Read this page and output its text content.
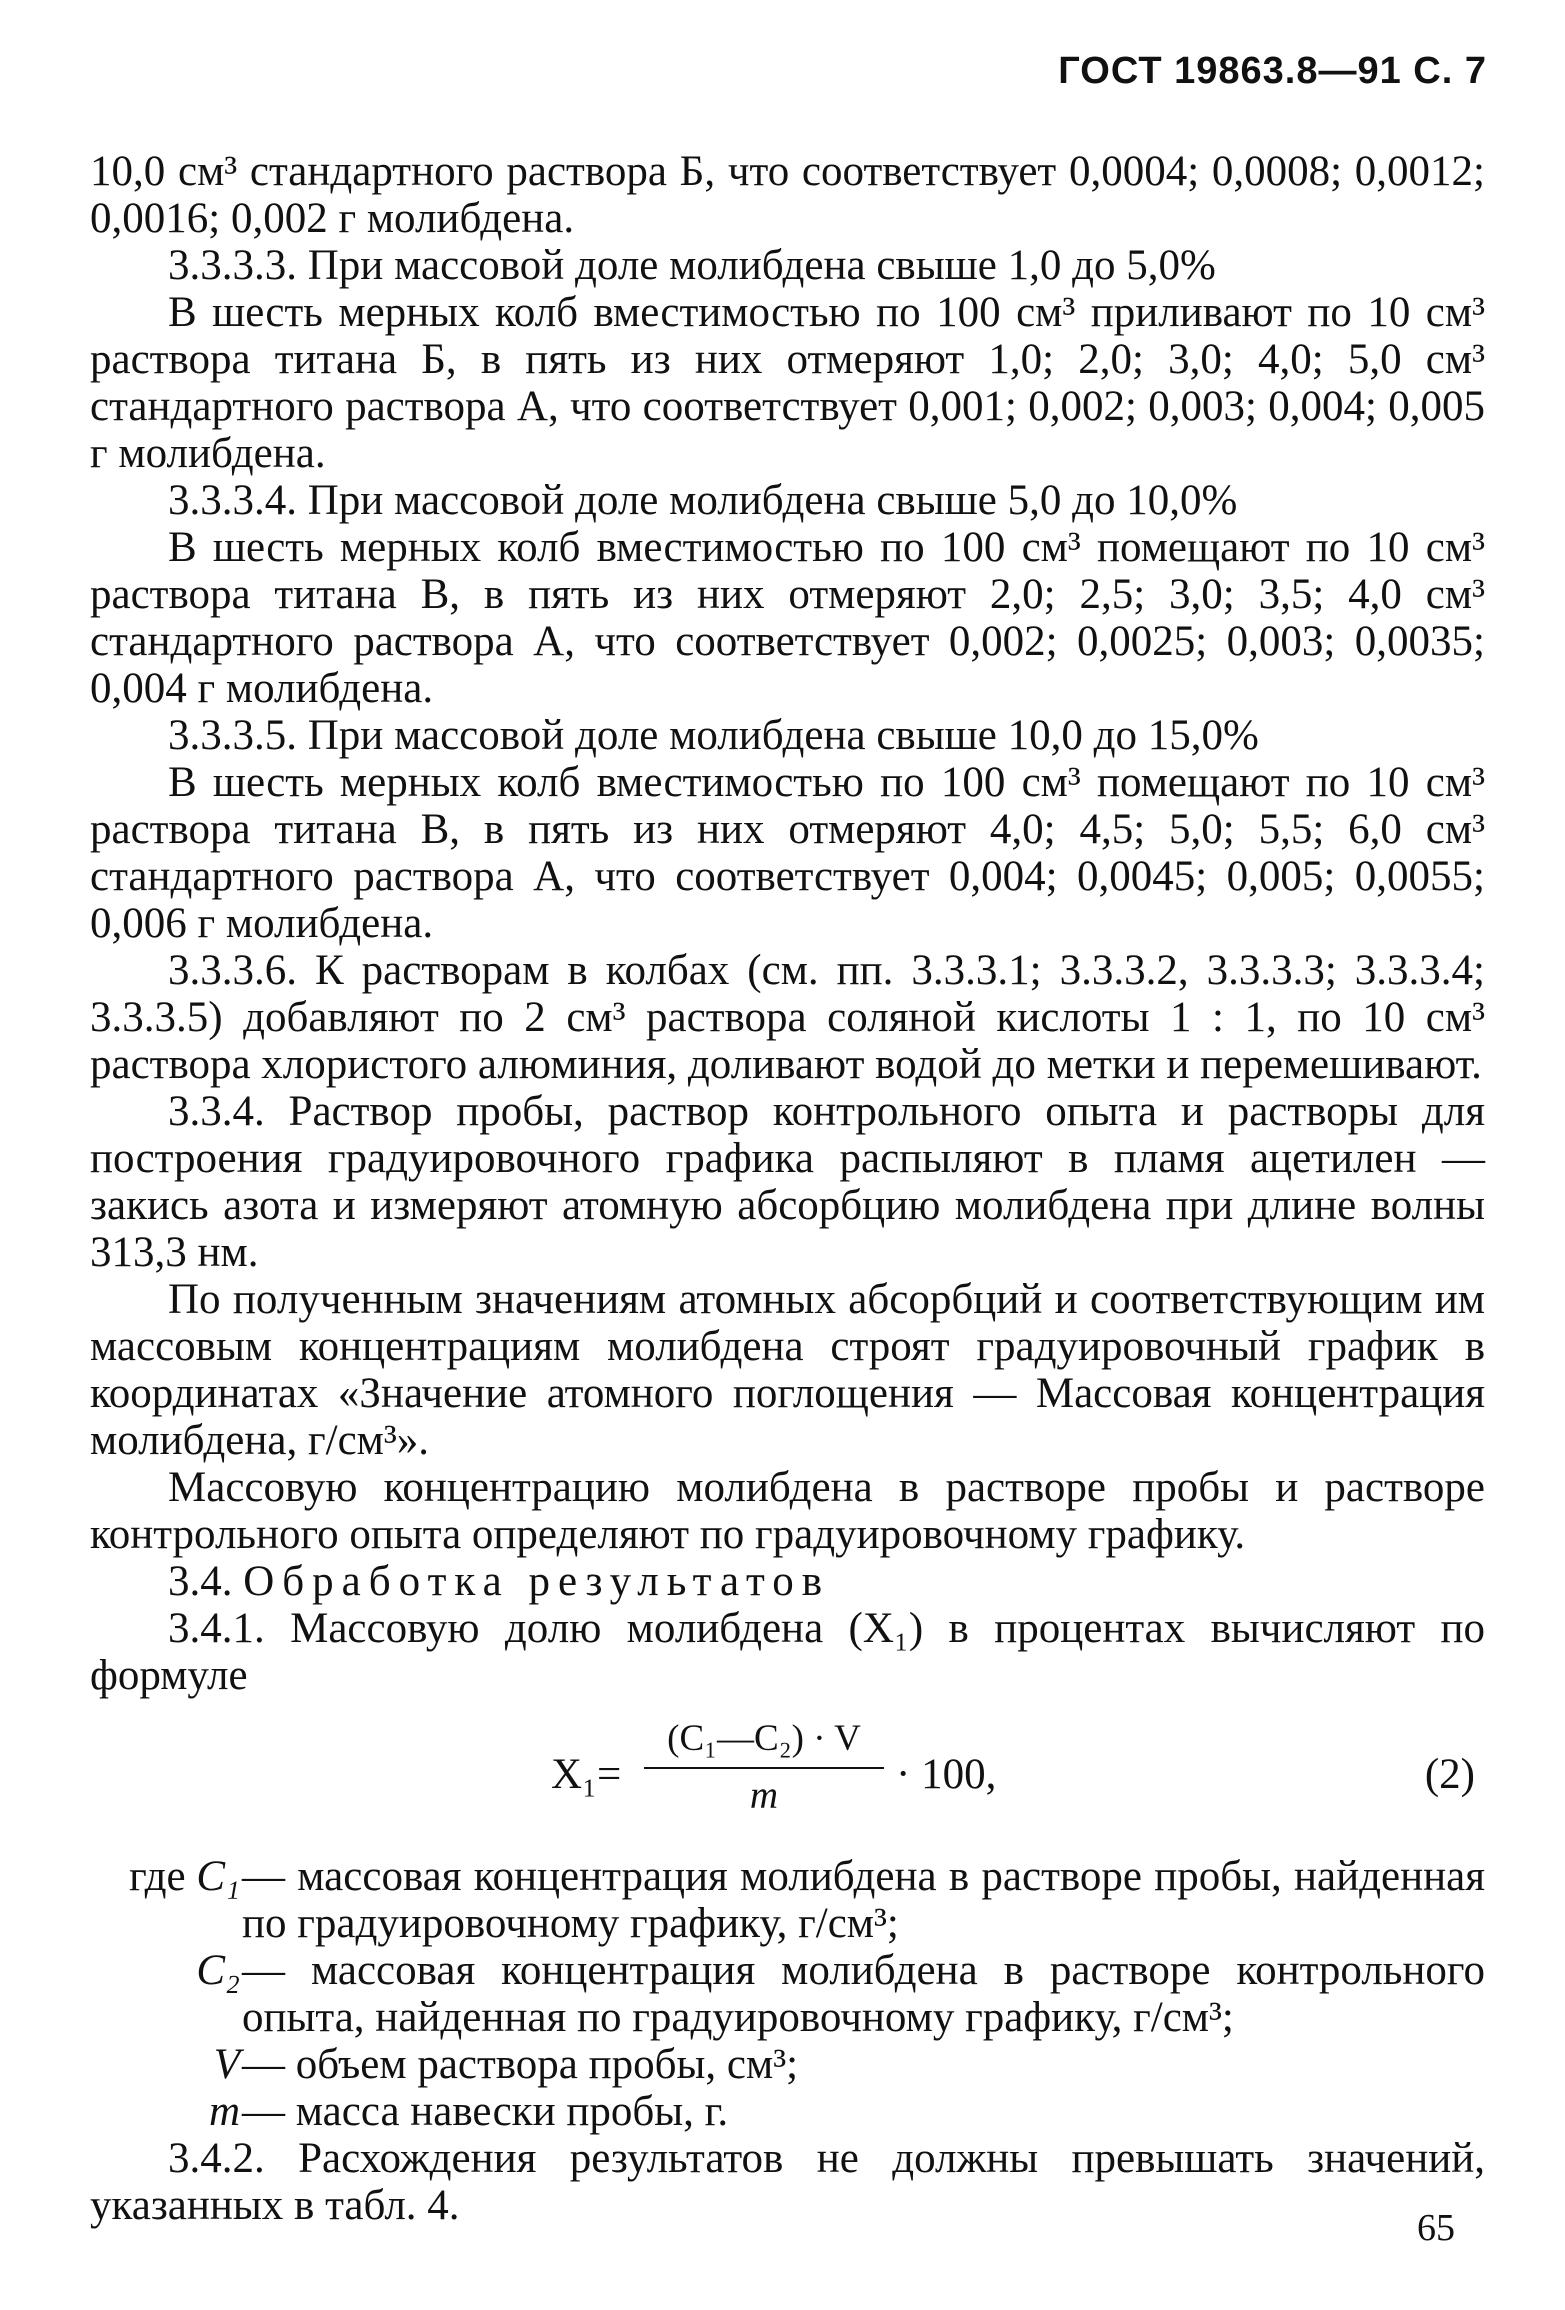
ГОСТ 19863.8—91 С. 7

10,0 см³ стандартного раствора Б, что соответствует 0,0004; 0,0008; 0,0012; 0,0016; 0,002 г молибдена.

3.3.3.3. При массовой доле молибдена свыше 1,0 до 5,0%

В шесть мерных колб вместимостью по 100 см³ приливают по 10 см³ раствора титана Б, в пять из них отмеряют 1,0; 2,0; 3,0; 4,0; 5,0 см³ стандартного раствора А, что соответствует 0,001; 0,002; 0,003; 0,004; 0,005 г молибдена.

3.3.3.4. При массовой доле молибдена свыше 5,0 до 10,0%

В шесть мерных колб вместимостью по 100 см³ помещают по 10 см³ раствора титана В, в пять из них отмеряют 2,0; 2,5; 3,0; 3,5; 4,0 см³ стандартного раствора А, что соответствует 0,002; 0,0025; 0,003; 0,0035; 0,004 г молибдена.

3.3.3.5. При массовой доле молибдена свыше 10,0 до 15,0%

В шесть мерных колб вместимостью по 100 см³ помещают по 10 см³ раствора титана В, в пять из них отмеряют 4,0; 4,5; 5,0; 5,5; 6,0 см³ стандартного раствора А, что соответствует 0,004; 0,0045; 0,005; 0,0055; 0,006 г молибдена.

3.3.3.6. К растворам в колбах (см. пп. 3.3.3.1; 3.3.3.2, 3.3.3.3; 3.3.3.4; 3.3.3.5) добавляют по 2 см³ раствора соляной кислоты 1 : 1, по 10 см³ раствора хлористого алюминия, доливают водой до метки и перемешивают.

3.3.4. Раствор пробы, раствор контрольного опыта и растворы для построения градуировочного графика распыляют в пламя ацетилен — закись азота и измеряют атомную абсорбцию молибдена при длине волны 313,3 нм.

По полученным значениям атомных абсорбций и соответствующим им массовым концентрациям молибдена строят градуировочный график в координатах «Значение атомного поглощения — Массовая концентрация молибдена, г/см³».

Массовую концентрацию молибдена в растворе пробы и растворе контрольного опыта определяют по градуировочному графику.

3.4. Обработка результатов

3.4.1. Массовую долю молибдена (X₁) в процентах вычисляют по формуле

X₁=
(C₁—C₂) · V
m	· 100,	(2)
где C₁	— массовая концентрация молибдена в растворе пробы, найденная по градуировочному графику, г/см³;
C₂	— массовая концентрация молибдена в растворе контрольного опыта, найденная по градуировочному графику, г/см³;
V	— объем раствора пробы, см³;
m	— масса навески пробы, г.

3.4.2. Расхождения результатов не должны превышать значений, указанных в табл. 4.	65
